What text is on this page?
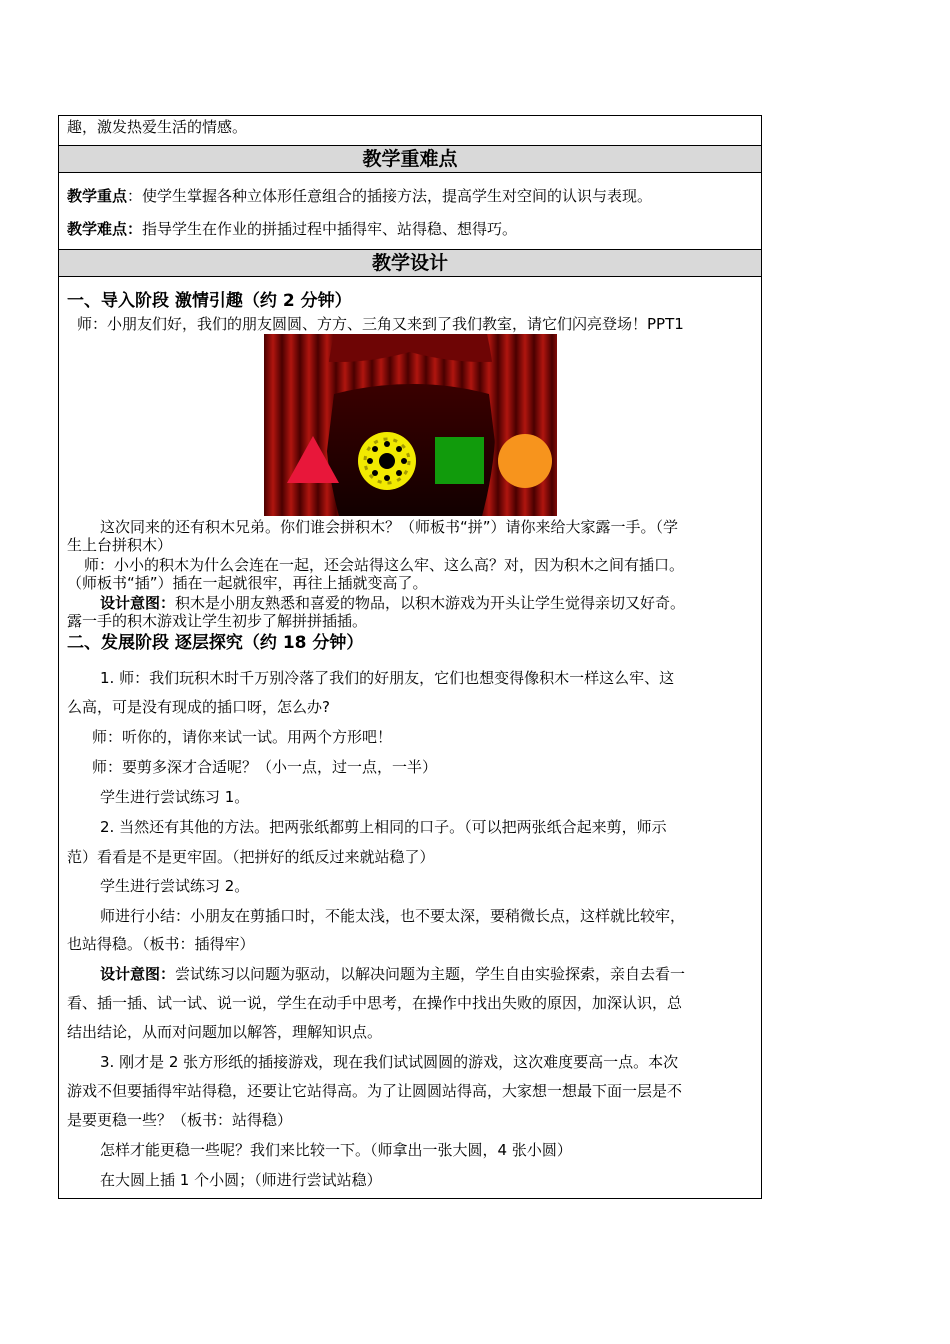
趣，激发热爱生活的情感。
教学重难点
教学重点：使学生掌握各种立体形任意组合的插接方法，提高学生对空间的认识与表现。
教学难点：指导学生在作业的拼插过程中插得牢、站得稳、想得巧。
教学设计
一、导入阶段 激情引趣（约 2 分钟）
师：小朋友们好，我们的朋友圆圆、方方、三角又来到了我们教室，请它们闪亮登场！PPT1
这次同来的还有积木兄弟。你们谁会拼积木？（师板书“拼”）请你来给大家露一手。（学
生上台拼积木）
师：小小的积木为什么会连在一起，还会站得这么牢、这么高？对，因为积木之间有插口。
（师板书“插”）插在一起就很牢，再往上插就变高了。
设计意图：积木是小朋友熟悉和喜爱的物品，以积木游戏为开头让学生觉得亲切又好奇。
露一手的积木游戏让学生初步了解拼拼插插。
二、发展阶段 逐层探究（约 18 分钟）
1. 师：我们玩积木时千万别冷落了我们的好朋友，它们也想变得像积木一样这么牢、这
么高，可是没有现成的插口呀，怎么办?
师：听你的，请你来试一试。用两个方形吧！
师：要剪多深才合适呢？（小一点，过一点，一半）
学生进行尝试练习 1。
2. 当然还有其他的方法。把两张纸都剪上相同的口子。（可以把两张纸合起来剪，师示
范）看看是不是更牢固。（把拼好的纸反过来就站稳了）
学生进行尝试练习 2。
师进行小结：小朋友在剪插口时，不能太浅，也不要太深，要稍微长点，这样就比较牢，
也站得稳。（板书：插得牢）
设计意图：尝试练习以问题为驱动，以解决问题为主题，学生自由实验探索，亲自去看一
看、插一插、试一试、说一说，学生在动手中思考，在操作中找出失败的原因，加深认识，总
结出结论，从而对问题加以解答，理解知识点。
3. 刚才是 2 张方形纸的插接游戏，现在我们试试圆圆的游戏，这次难度要高一点。本次
游戏不但要插得牢站得稳，还要让它站得高。为了让圆圆站得高，大家想一想最下面一层是不
是要更稳一些？（板书：站得稳）
怎样才能更稳一些呢？我们来比较一下。（师拿出一张大圆，4 张小圆）
在大圆上插 1 个小圆；（师进行尝试站稳）
